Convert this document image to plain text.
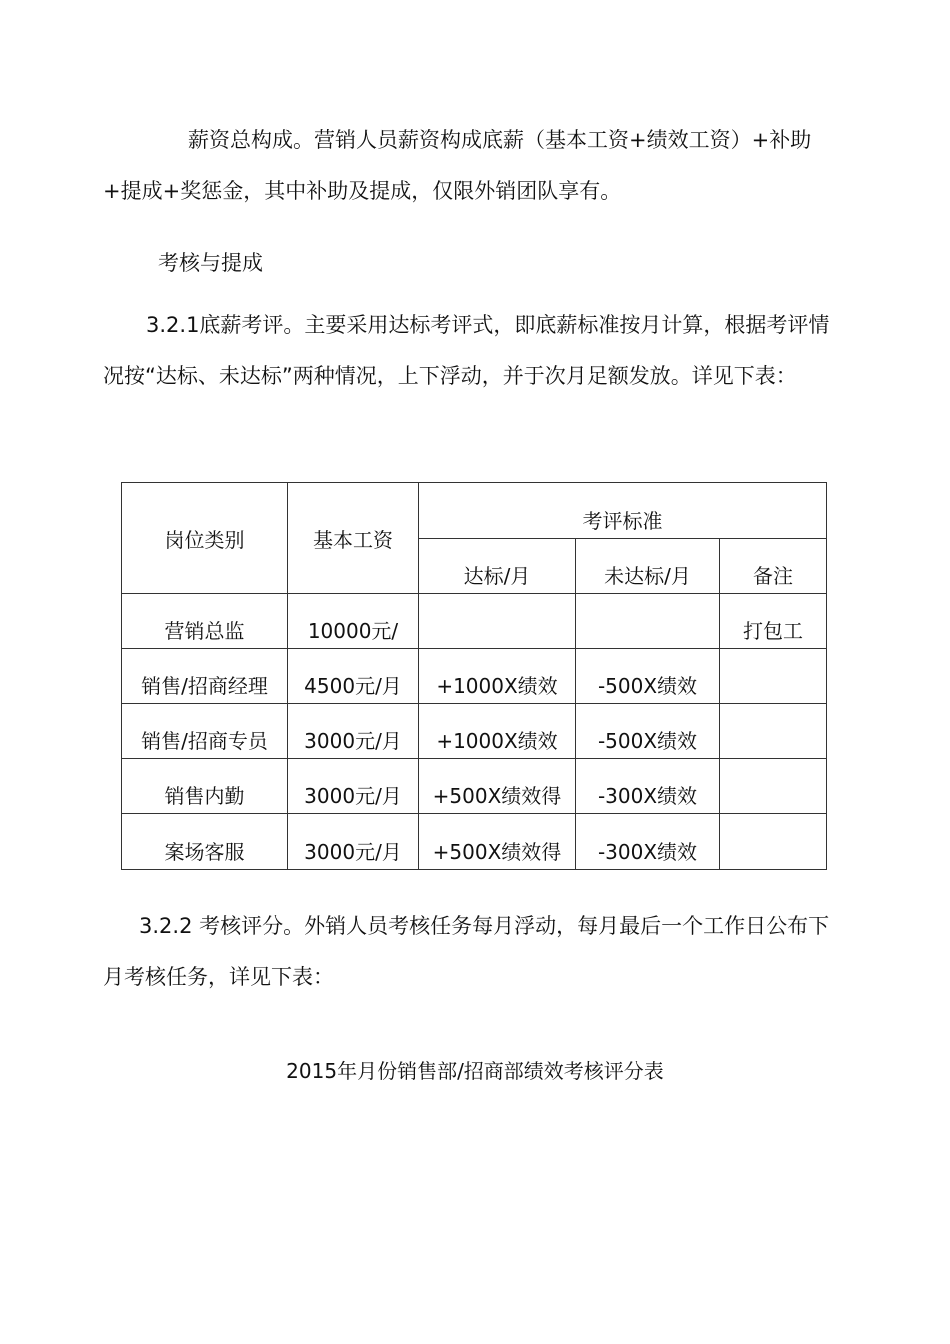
薪资总构成。营销人员薪资构成底薪（基本工资+绩效工资）+补助+提成+奖惩金，其中补助及提成，仅限外销团队享有。

考核与提成

3.2.1底薪考评。主要采用达标考评式，即底薪标准按月计算，根据考评情况按“达标、未达标”两种情况，上下浮动，并于次月足额发放。详见下表：

岗位类别	基本工资	考评标准		
		达标/月	未达标/月	备注
营销总监	10000元/			打包工
销售/招商经理	4500元/月	+1000X绩效	-500X绩效	
销售/招商专员	3000元/月	+1000X绩效	-500X绩效	
销售内勤	3000元/月	+500X绩效得	-300X绩效	
案场客服	3000元/月	+500X绩效得	-300X绩效	

3.2.2 考核评分。外销人员考核任务每月浮动，每月最后一个工作日公布下月考核任务，详见下表：

2015年月份销售部/招商部绩效考核评分表
